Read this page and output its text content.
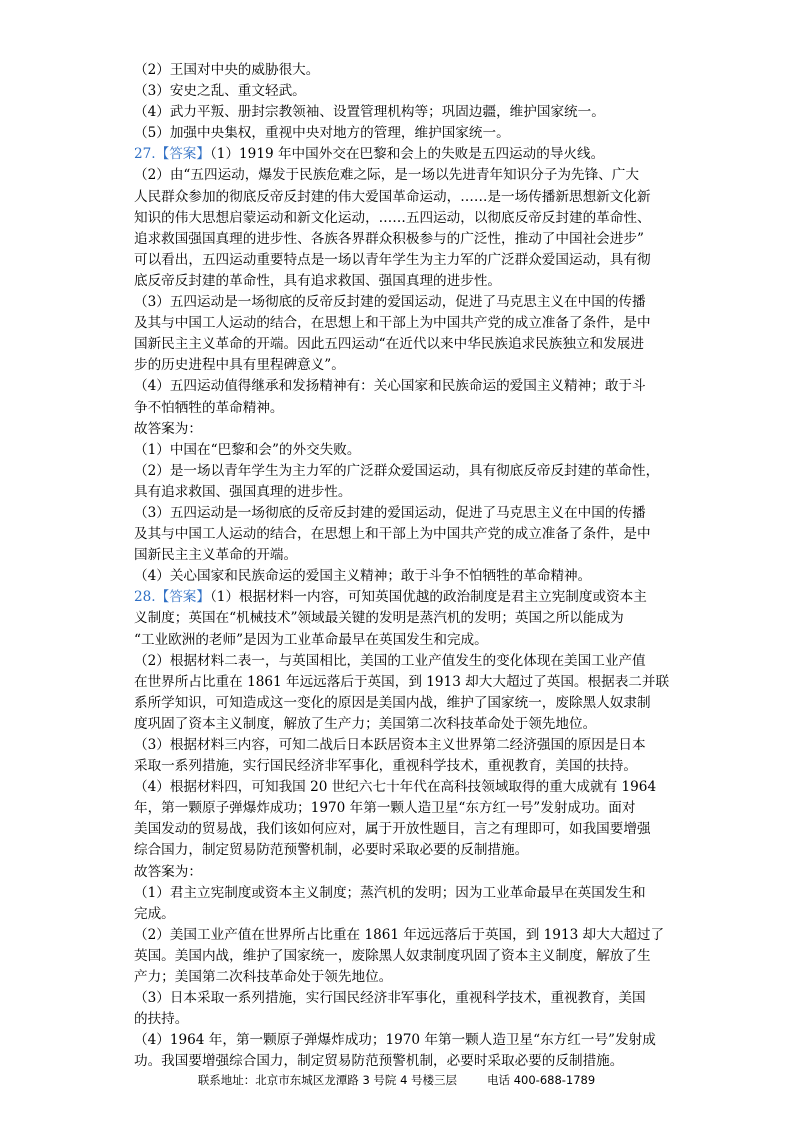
（2）王国对中央的威胁很大。
（3）安史之乱、重文轻武。
（4）武力平叛、册封宗教领袖、设置管理机构等；巩固边疆，维护国家统一。
（5）加强中央集权，重视中央对地方的管理，维护国家统一。
27.【答案】（1）1919 年中国外交在巴黎和会上的失败是五四运动的导火线。
（2）由“五四运动，爆发于民族危难之际，是一场以先进青年知识分子为先锋、广大
人民群众参加的彻底反帝反封建的伟大爱国革命运动，……是一场传播新思想新文化新
知识的伟大思想启蒙运动和新文化运动，……五四运动，以彻底反帝反封建的革命性、
追求救国强国真理的进步性、各族各界群众积极参与的广泛性，推动了中国社会进步”
可以看出，五四运动重要特点是一场以青年学生为主力军的广泛群众爱国运动，具有彻
底反帝反封建的革命性，具有追求救国、强国真理的进步性。
（3）五四运动是一场彻底的反帝反封建的爱国运动，促进了马克思主义在中国的传播
及其与中国工人运动的结合，在思想上和干部上为中国共产党的成立准备了条件，是中
国新民主主义革命的开端。因此五四运动“在近代以来中华民族追求民族独立和发展进
步的历史进程中具有里程碑意义”。
（4）五四运动值得继承和发扬精神有：关心国家和民族命运的爱国主义精神；敢于斗
争不怕牺牲的革命精神。
故答案为：
（1）中国在“巴黎和会”的外交失败。
（2）是一场以青年学生为主力军的广泛群众爱国运动，具有彻底反帝反封建的革命性，
具有追求救国、强国真理的进步性。
（3）五四运动是一场彻底的反帝反封建的爱国运动，促进了马克思主义在中国的传播
及其与中国工人运动的结合，在思想上和干部上为中国共产党的成立准备了条件，是中
国新民主主义革命的开端。
（4）关心国家和民族命运的爱国主义精神；敢于斗争不怕牺牲的革命精神。
28.【答案】（1）根据材料一内容，可知英国优越的政治制度是君主立宪制度或资本主
义制度；英国在“机械技术”领域最关键的发明是蒸汽机的发明；英国之所以能成为
“工业欧洲的老师”是因为工业革命最早在英国发生和完成。
（2）根据材料二表一，与英国相比，美国的工业产值发生的变化体现在美国工业产值
在世界所占比重在 1861 年远远落后于英国，到 1913 却大大超过了英国。根据表二并联
系所学知识，可知造成这一变化的原因是美国内战，维护了国家统一，废除黑人奴隶制
度巩固了资本主义制度，解放了生产力；美国第二次科技革命处于领先地位。
（3）根据材料三内容，可知二战后日本跃居资本主义世界第二经济强国的原因是日本
采取一系列措施，实行国民经济非军事化，重视科学技术，重视教育，美国的扶持。
（4）根据材料四，可知我国 20 世纪六七十年代在高科技领域取得的重大成就有 1964
年，第一颗原子弹爆炸成功；1970 年第一颗人造卫星“东方红一号”发射成功。面对
美国发动的贸易战，我们该如何应对，属于开放性题目，言之有理即可，如我国要增强
综合国力，制定贸易防范预警机制，必要时采取必要的反制措施。
故答案为：
（1）君主立宪制度或资本主义制度；蒸汽机的发明；因为工业革命最早在英国发生和
完成。
（2）美国工业产值在世界所占比重在 1861 年远远落后于英国，到 1913 却大大超过了
英国。美国内战，维护了国家统一，废除黑人奴隶制度巩固了资本主义制度，解放了生
产力；美国第二次科技革命处于领先地位。
（3）日本采取一系列措施，实行国民经济非军事化，重视科学技术，重视教育，美国
的扶持。
（4）1964 年，第一颗原子弹爆炸成功；1970 年第一颗人造卫星“东方红一号”发射成
功。我国要增强综合国力，制定贸易防范预警机制，必要时采取必要的反制措施。
联系地址：北京市东城区龙潭路 3 号院 4 号楼三层	电话 400-688-1789
